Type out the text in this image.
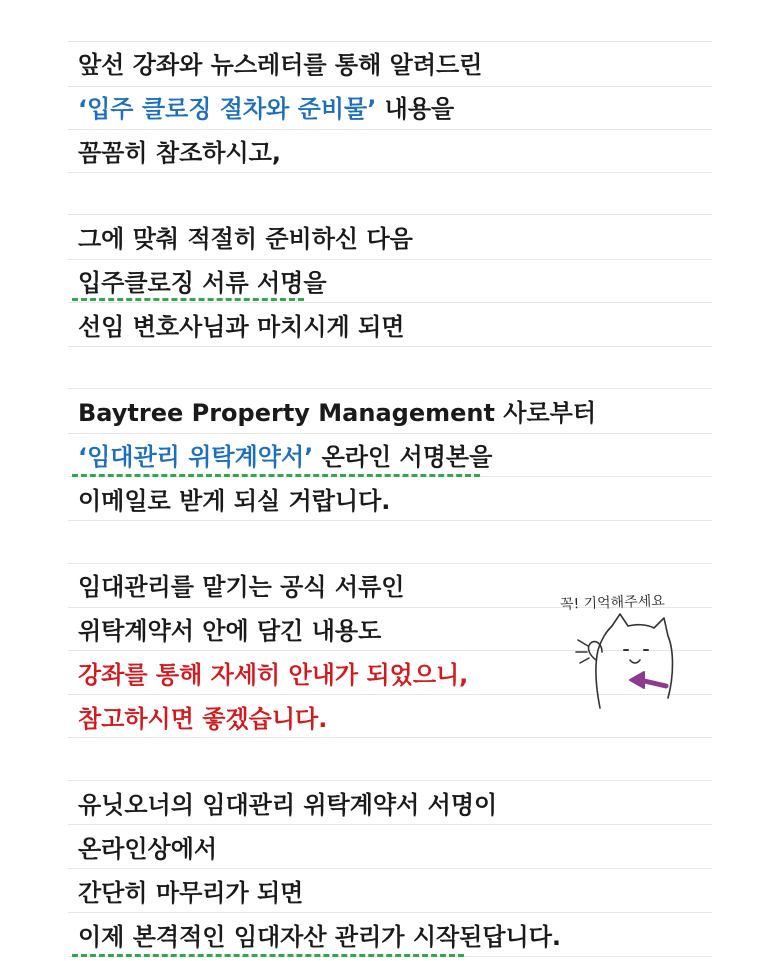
앞선 강좌와 뉴스레터를 통해 알려드린
‘입주 클로징 절차와 준비물’ 내용을
꼼꼼히 참조하시고,
그에 맞춰 적절히 준비하신 다음
입주클로징 서류 서명을
선임 변호사님과 마치시게 되면
Baytree Property Management 사로부터
‘임대관리 위탁계약서’ 온라인 서명본을
이메일로 받게 되실 거랍니다.
임대관리를 맡기는 공식 서류인
위탁계약서 안에 담긴 내용도
강좌를 통해 자세히 안내가 되었으니,
참고하시면 좋겠습니다.
유닛오너의 임대관리 위탁계약서 서명이
온라인상에서
간단히 마무리가 되면
이제 본격적인 임대자산 관리가 시작된답니다.
꼭! 기억해주세요
